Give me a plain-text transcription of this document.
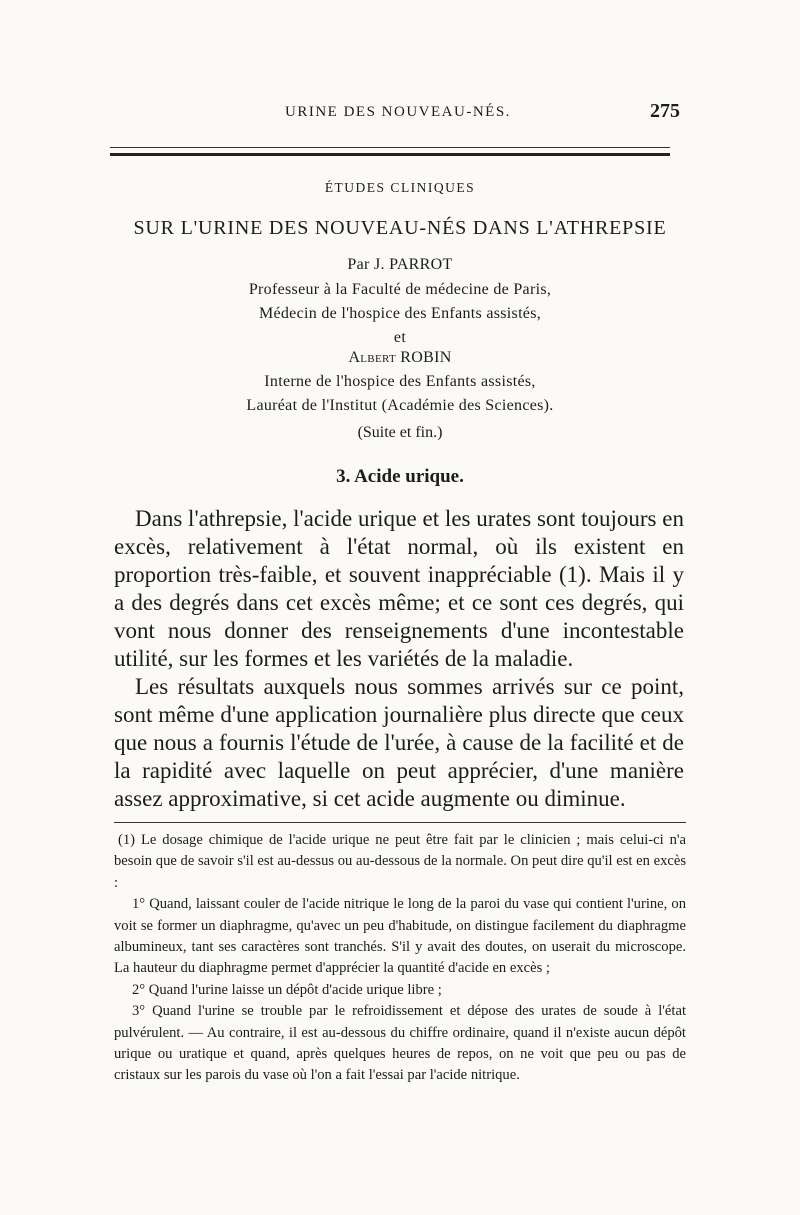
URINE DES NOUVEAU-NÉS.	275
ÉTUDES CLINIQUES
SUR L'URINE DES NOUVEAU-NÉS DANS L'ATHREPSIE
Par J. PARROT
Professeur à la Faculté de médecine de Paris,
Médecin de l'hospice des Enfants assistés,
et
Albert ROBIN
Interne de l'hospice des Enfants assistés,
Lauréat de l'Institut (Académie des Sciences).
(Suite et fin.)
3. Acide urique.

Dans l'athrepsie, l'acide urique et les urates sont toujours en excès, relativement à l'état normal, où ils existent en proportion très-faible, et souvent inappréciable (1). Mais il y a des degrés dans cet excès même; et ce sont ces degrés, qui vont nous donner des renseignements d'une incontestable utilité, sur les formes et les variétés de la maladie.

Les résultats auxquels nous sommes arrivés sur ce point, sont même d'une application journalière plus directe que ceux que nous a fournis l'étude de l'urée, à cause de la facilité et de la rapidité avec laquelle on peut apprécier, d'une manière assez approximative, si cet acide augmente ou diminue.

(1) Le dosage chimique de l'acide urique ne peut être fait par le clinicien ; mais celui-ci n'a besoin que de savoir s'il est au-dessus ou au-dessous de la normale. On peut dire qu'il est en excès :

1° Quand, laissant couler de l'acide nitrique le long de la paroi du vase qui contient l'urine, on voit se former un diaphragme, qu'avec un peu d'habitude, on distingue facilement du diaphragme albumineux, tant ses caractères sont tranchés. S'il y avait des doutes, on userait du microscope. La hauteur du diaphragme permet d'apprécier la quantité d'acide en excès ;

2° Quand l'urine laisse un dépôt d'acide urique libre ;

3° Quand l'urine se trouble par le refroidissement et dépose des urates de soude à l'état pulvérulent. — Au contraire, il est au-dessous du chiffre ordinaire, quand il n'existe aucun dépôt urique ou uratique et quand, après quelques heures de repos, on ne voit que peu ou pas de cristaux sur les parois du vase où l'on a fait l'essai par l'acide nitrique.
